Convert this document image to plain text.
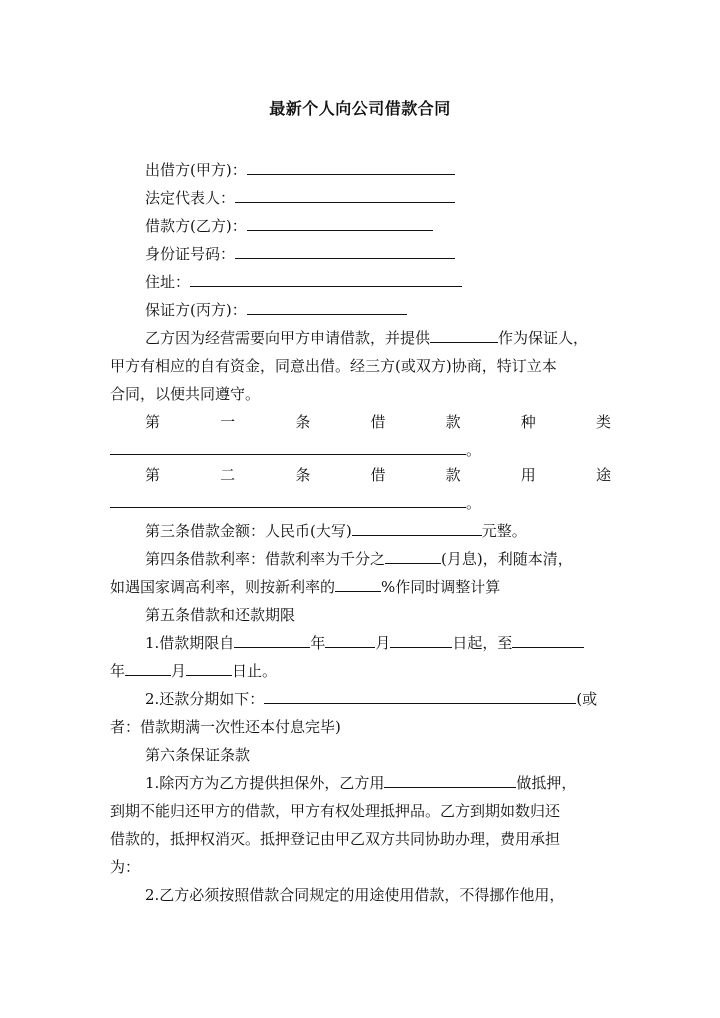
最新个人向公司借款合同
出借方(甲方)：
法定代表人：
借款方(乙方)：
身份证号码：
住址：
保证方(丙方)：
乙方因为经营需要向甲方申请借款，并提供	作为保证人，
甲方有相应的自有资金，同意出借。经三方(或双方)协商，特订立本
合同，以便共同遵守。
第	一	条	借	款	种	类
。
第	二	条	借	款	用	途
。
第三条借款金额：人民币(大写)	元整。
第四条借款利率：借款利率为千分之	(月息)，利随本清，
如遇国家调高利率，则按新利率的	%作同时调整计算
第五条借款和还款期限
1.借款期限自	年	月	日起，至
年	月	日止。
2.还款分期如下：	(或
者：借款期满一次性还本付息完毕)
第六条保证条款
1.除丙方为乙方提供担保外，乙方用	做抵押，
到期不能归还甲方的借款，甲方有权处理抵押品。乙方到期如数归还
借款的，抵押权消灭。抵押登记由甲乙双方共同协助办理，费用承担
为：
2.乙方必须按照借款合同规定的用途使用借款，不得挪作他用，
